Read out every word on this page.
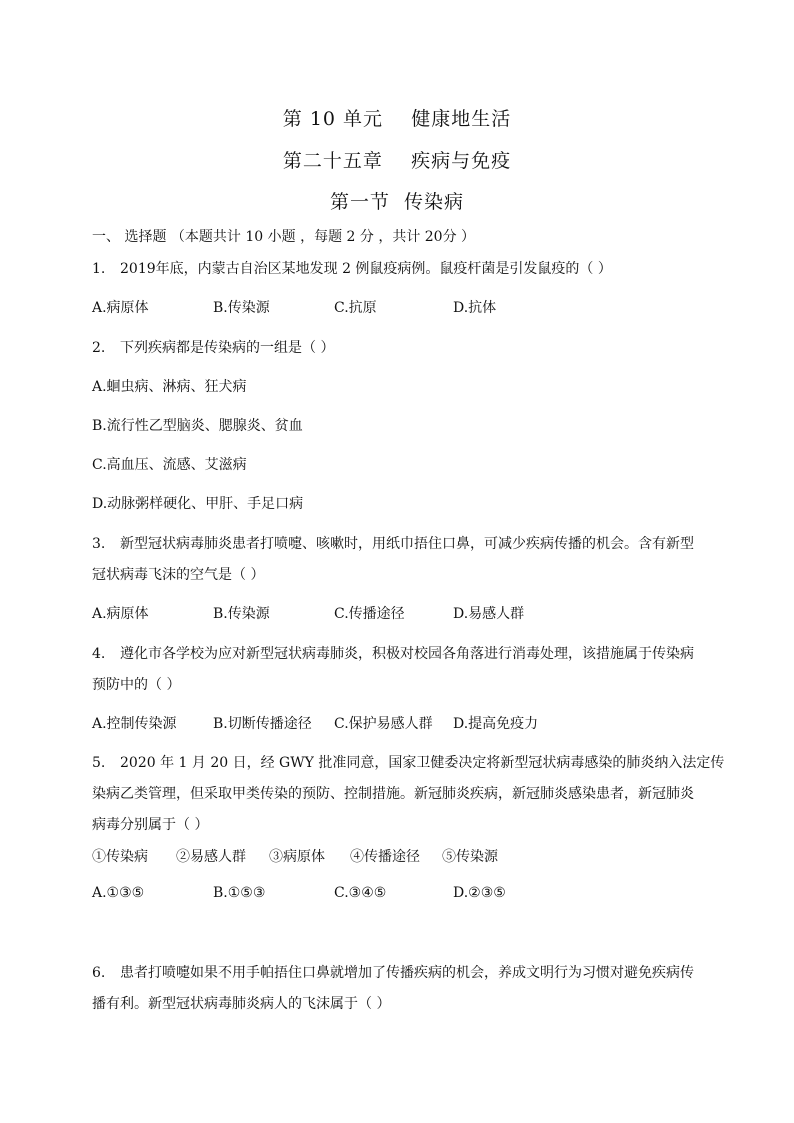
第 10 单元    健康地生活
第二十五章    疾病与免疫
第一节  传染病
一、 选择题 （本题共计 10 小题 ，每题 2 分 ，共计 20分 ）
1. 2019年底，内蒙古自治区某地发现 2 例鼠疫病例。鼠疫杆菌是引发鼠疫的（ ）
A.病原体	B.传染源	C.抗原	D.抗体
2. 下列疾病都是传染病的一组是（ ）
A.蛔虫病、淋病、狂犬病
B.流行性乙型脑炎、腮腺炎、贫血
C.高血压、流感、艾滋病
D.动脉粥样硬化、甲肝、手足口病
3. 新型冠状病毒肺炎患者打喷嚏、咳嗽时，用纸巾捂住口鼻，可减少疾病传播的机会。含有新型
冠状病毒飞沫的空气是（ ）
A.病原体	B.传染源	C.传播途径	D.易感人群
4. 遵化市各学校为应对新型冠状病毒肺炎，积极对校园各角落进行消毒处理，该措施属于传染病
预防中的（ ）
A.控制传染源	B.切断传播途径 C.保护易感人群 D.提高免疫力
5. 2020 年 1 月 20 日，经 GWY 批准同意，国家卫健委决定将新型冠状病毒感染的肺炎纳入法定传
染病乙类管理，但采取甲类传染的预防、控制措施。新冠肺炎疾病，新冠肺炎感染患者，新冠肺炎
病毒分别属于（ ）
①传染病 ②易感人群 ③病原体 ④传播途径 ⑤传染源
A.①③⑤	B.①⑤③	C.③④⑤	D.②③⑤
6. 患者打喷嚏如果不用手帕捂住口鼻就增加了传播疾病的机会，养成文明行为习惯对避免疾病传
播有利。新型冠状病毒肺炎病人的飞沫属于（ ）
